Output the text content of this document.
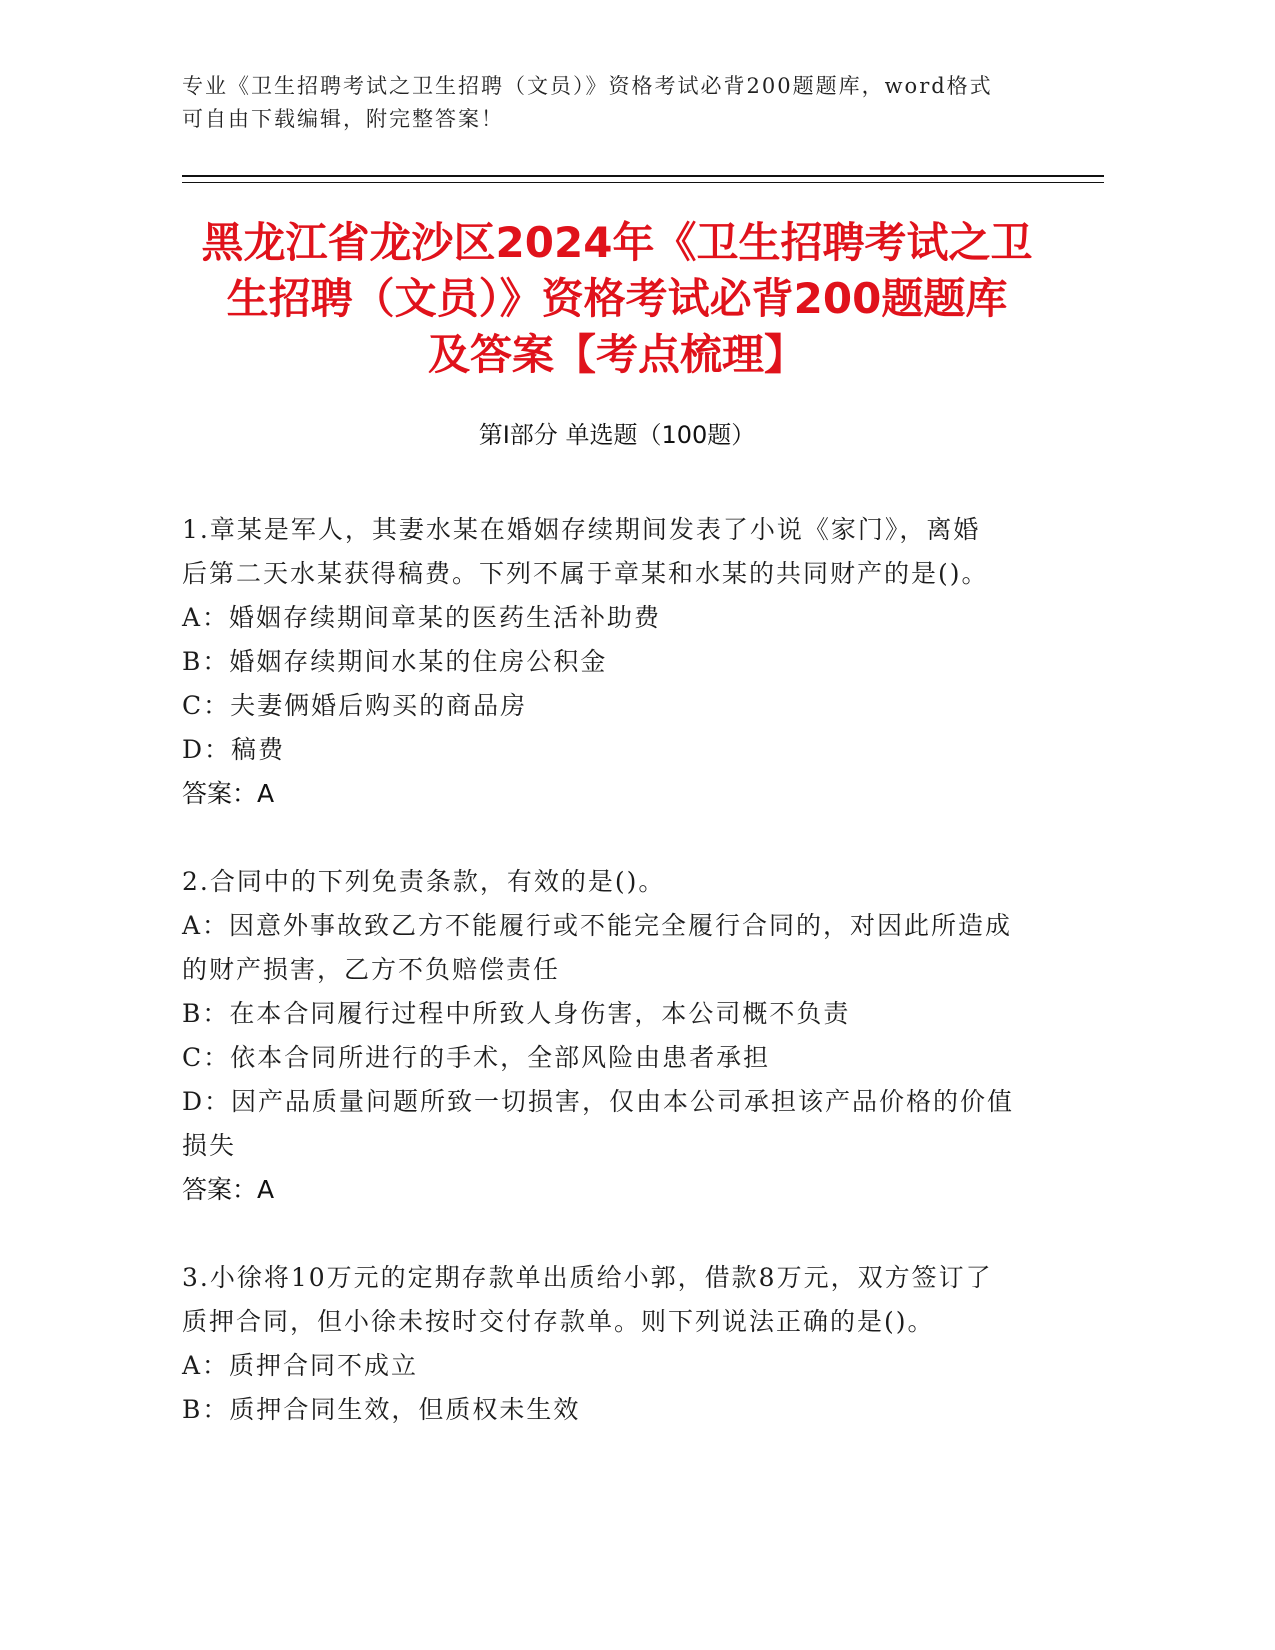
专业《卫生招聘考试之卫生招聘（文员）》资格考试必背200题题库，word格式
可自由下载编辑，附完整答案！
黑龙江省龙沙区2024年《卫生招聘考试之卫
生招聘（文员）》资格考试必背200题题库
及答案【考点梳理】
第Ⅰ部分 单选题（100题）
1.章某是军人，其妻水某在婚姻存续期间发表了小说《家门》，离婚
后第二天水某获得稿费。下列不属于章某和水某的共同财产的是()。
A：婚姻存续期间章某的医药生活补助费
B：婚姻存续期间水某的住房公积金
C：夫妻俩婚后购买的商品房
D：稿费
答案：A
2.合同中的下列免责条款，有效的是()。
A：因意外事故致乙方不能履行或不能完全履行合同的，对因此所造成
的财产损害，乙方不负赔偿责任
B：在本合同履行过程中所致人身伤害，本公司概不负责
C：依本合同所进行的手术，全部风险由患者承担
D：因产品质量问题所致一切损害，仅由本公司承担该产品价格的价值
损失
答案：A
3.小徐将10万元的定期存款单出质给小郭，借款8万元，双方签订了
质押合同，但小徐未按时交付存款单。则下列说法正确的是()。
A：质押合同不成立
B：质押合同生效，但质权未生效
